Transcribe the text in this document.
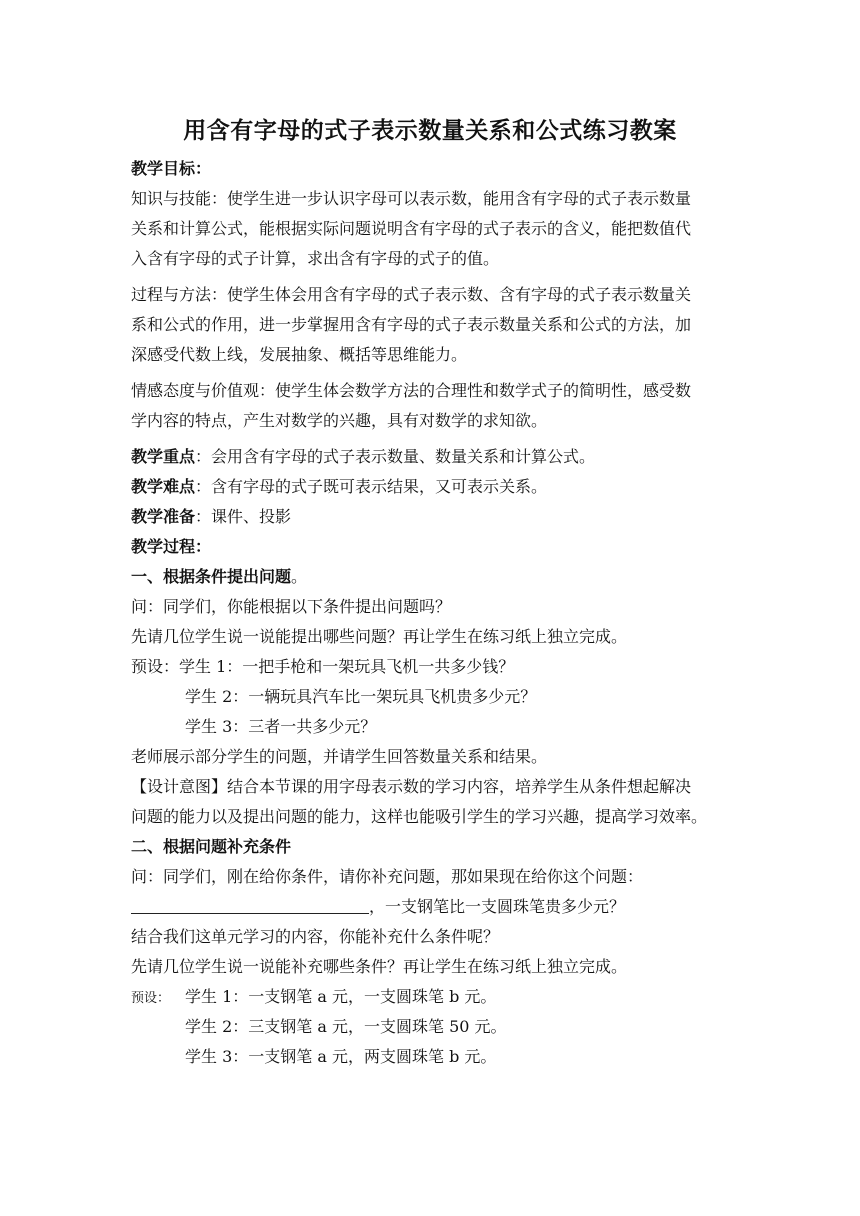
用含有字母的式子表示数量关系和公式练习教案
教学目标：
知识与技能：使学生进一步认识字母可以表示数，能用含有字母的式子表示数量
关系和计算公式，能根据实际问题说明含有字母的式子表示的含义，能把数值代
入含有字母的式子计算，求出含有字母的式子的值。
过程与方法：使学生体会用含有字母的式子表示数、含有字母的式子表示数量关
系和公式的作用，进一步掌握用含有字母的式子表示数量关系和公式的方法，加
深感受代数上线，发展抽象、概括等思维能力。
情感态度与价值观：使学生体会数学方法的合理性和数学式子的简明性，感受数
学内容的特点，产生对数学的兴趣，具有对数学的求知欲。
教学重点：会用含有字母的式子表示数量、数量关系和计算公式。
教学难点：含有字母的式子既可表示结果，又可表示关系。
教学准备：课件、投影
教学过程：
一、根据条件提出问题。
问：同学们，你能根据以下条件提出问题吗？
先请几位学生说一说能提出哪些问题？再让学生在练习纸上独立完成。
预设：学生 1：一把手枪和一架玩具飞机一共多少钱？
学生 2：一辆玩具汽车比一架玩具飞机贵多少元？
学生 3：三者一共多少元？
老师展示部分学生的问题，并请学生回答数量关系和结果。
【设计意图】结合本节课的用字母表示数的学习内容，培养学生从条件想起解决
问题的能力以及提出问题的能力，这样也能吸引学生的学习兴趣，提高学习效率。
二、根据问题补充条件
问：同学们，刚在给你条件，请你补充问题，那如果现在给你这个问题：
，一支钢笔比一支圆珠笔贵多少元？
结合我们这单元学习的内容，你能补充什么条件呢？
先请几位学生说一说能补充哪些条件？再让学生在练习纸上独立完成。
预设： 学生 1：一支钢笔 a 元，一支圆珠笔 b 元。
学生 2：三支钢笔 a 元，一支圆珠笔 50 元。
学生 3：一支钢笔 a 元，两支圆珠笔 b 元。
